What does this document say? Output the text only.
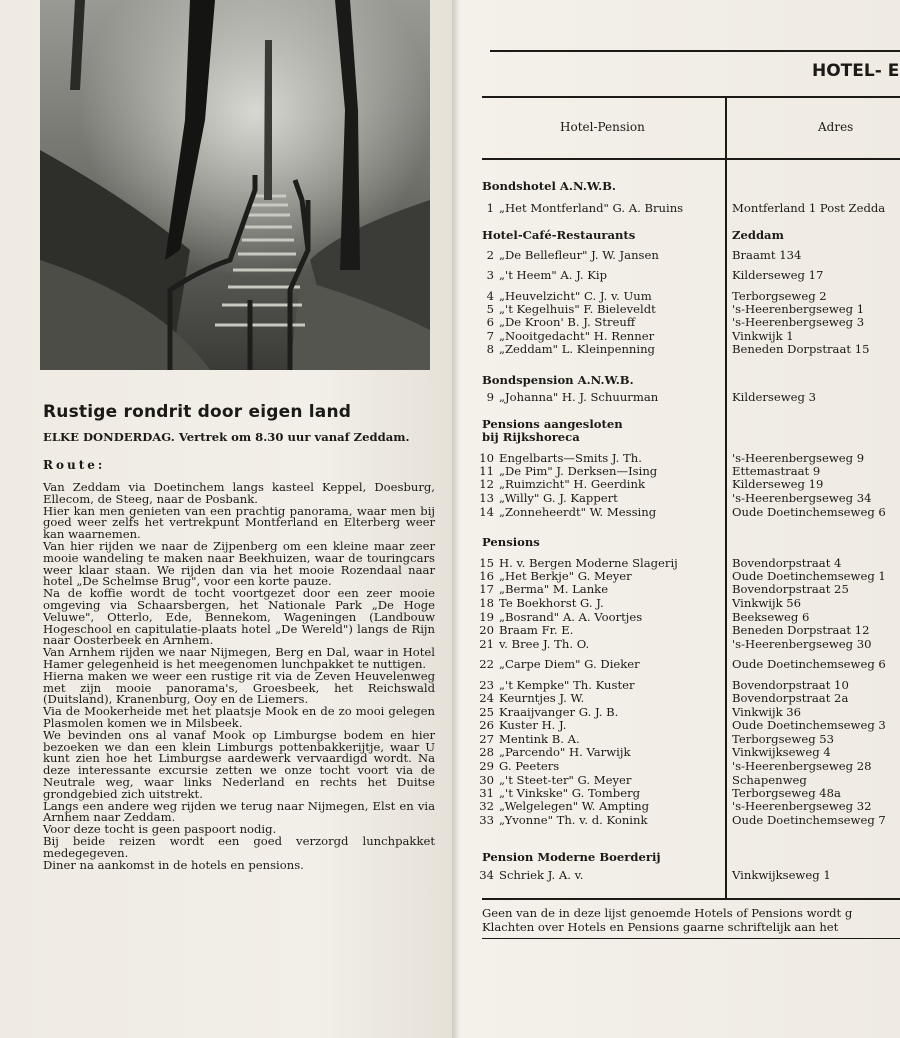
Rustige rondrit door eigen land
ELKE DONDERDAG. Vertrek om 8.30 uur vanaf Zeddam.
Route:

Van Zeddam via Doetinchem langs kasteel Keppel, Doesburg, Ellecom, de Steeg, naar de Posbank.

Hier kan men genieten van een prachtig panorama, waar men bij goed weer zelfs het vertrekpunt Montferland en Elterberg weer kan waarnemen.

Van hier rijden we naar de Zijpenberg om een kleine maar zeer mooie wandeling te maken naar Beekhuizen, waar de touringcars weer klaar staan. We rijden dan via het mooie Rozendaal naar hotel „De Schelmse Brug", voor een korte pauze.

Na de koffie wordt de tocht voortgezet door een zeer mooie omgeving via Schaarsbergen, het Nationale Park „De Hoge Veluwe", Otterlo, Ede, Bennekom, Wageningen (Landbouw Hogeschool en capitulatie-plaats hotel „De Wereld") langs de Rijn naar Oosterbeek en Arnhem.

Van Arnhem rijden we naar Nijmegen, Berg en Dal, waar in Hotel Hamer gelegenheid is het meegenomen lunchpakket te nuttigen.

Hierna maken we weer een rustige rit via de Zeven Heuvelenweg met zijn mooie panorama's, Groesbeek, het Reichswald (Duitsland), Kranenburg, Ooy en de Liemers.

Via de Mookerheide met het plaatsje Mook en de zo mooi gelegen Plasmolen komen we in Milsbeek.

We bevinden ons al vanaf Mook op Limburgse bodem en hier bezoeken we dan een klein Limburgs pottenbakkerijtje, waar U kunt zien hoe het Limburgse aardewerk vervaardigd wordt. Na deze interessante excursie zetten we onze tocht voort via de Neutrale weg, waar links Nederland en rechts het Duitse grondgebied zich uitstrekt.

Langs een andere weg rijden we terug naar Nijmegen, Elst en via Arnhem naar Zeddam.

Voor deze tocht is geen paspoort nodig.

Bij beide reizen wordt een goed verzorgd lunchpakket medegegeven.

Diner na aankomst in de hotels en pensions.

HOTEL- E
Hotel-Pension	Adres
Bondshotel A.N.W.B.
Hotel-Café-Restaurants	Zeddam
Bondspension A.N.W.B.
Pensions aangesloten
bij Rijkshoreca
Pensions
Pension Moderne Boerderij
1 „Het Montferland" G. A. Bruins	Montferland 1 Post Zedda
2 „De Bellefleur" J. W. Jansen	Braamt 134
3 „'t Heem" A. J. Kip	Kilderseweg 17
4 „Heuvelzicht" C. J. v. Uum	Terborgseweg 2
5 „'t Kegelhuis" F. Bieleveldt	's-Heerenbergseweg 1
6 „De Kroon' B. J. Streuff	's-Heerenbergseweg 3
7 „Nooitgedacht" H. Renner	Vinkwijk 1
8 „Zeddam" L. Kleinpenning	Beneden Dorpstraat 15
9 „Johanna" H. J. Schuurman	Kilderseweg 3
10 Engelbarts—Smits J. Th.	's-Heerenbergseweg 9
11 „De Pim" J. Derksen—Ising	Ettemastraat 9
12 „Ruimzicht" H. Geerdink	Kilderseweg 19
13 „Willy" G. J. Kappert	's-Heerenbergseweg 34
14 „Zonneheerdt" W. Messing	Oude Doetinchemseweg 6
15 H. v. Bergen Moderne Slagerij	Bovendorpstraat 4
16 „Het Berkje" G. Meyer	Oude Doetinchemseweg 1
17 „Berma" M. Lanke	Bovendorpstraat 25
18 Te Boekhorst G. J.	Vinkwijk 56
19 „Bosrand" A. A. Voortjes	Beekseweg 6
20 Braam Fr. E.	Beneden Dorpstraat 12
21 v. Bree J. Th. O.	's-Heerenbergseweg 30
22 „Carpe Diem" G. Dieker	Oude Doetinchemseweg 6
23 „'t Kempke" Th. Kuster	Bovendorpstraat 10
24 Keurntjes J. W.	Bovendorpstraat 2a
25 Kraaijvanger G. J. B.	Vinkwijk 36
26 Kuster H. J.	Oude Doetinchemseweg 3
27 Mentink B. A.	Terborgseweg 53
28 „Parcendo" H. Varwijk	Vinkwijkseweg 4
29 G. Peeters	's-Heerenbergseweg 28
30 „'t Steet-ter" G. Meyer	Schapenweg
31 „'t Vinkske" G. Tomberg	Terborgseweg 48a
32 „Welgelegen" W. Ampting	's-Heerenbergseweg 32
33 „Yvonne" Th. v. d. Konink	Oude Doetinchemseweg 7
34 Schriek J. A. v.	Vinkwijkseweg 1
Geen van de in deze lijst genoemde Hotels of Pensions wordt g
Klachten over Hotels en Pensions gaarne schriftelijk aan het
